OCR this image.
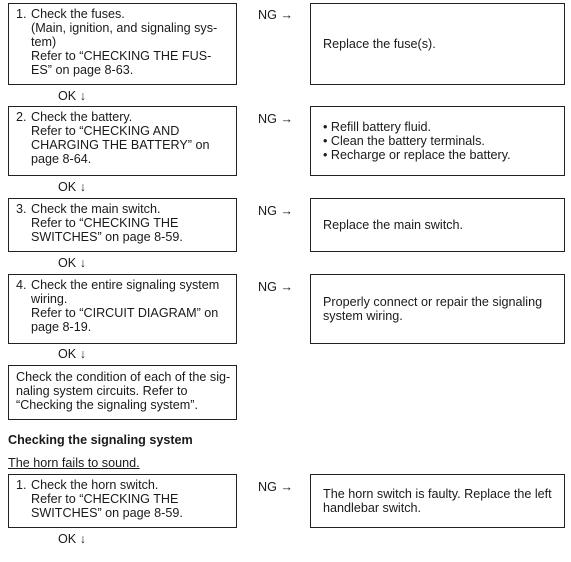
1. Check the fuses.
(Main, ignition, and signaling sys-
tem)
Refer to “CHECKING THE FUS-
ES” on page 8-63.
NG →
Replace the fuse(s).
OK ↓
2. Check the battery.
Refer to “CHECKING AND
CHARGING THE BATTERY” on
page 8-64.
NG →
• Refill battery fluid.
• Clean the battery terminals.
• Recharge or replace the battery.
OK ↓
3. Check the main switch.
Refer to “CHECKING THE
SWITCHES” on page 8-59.
NG →
Replace the main switch.
OK ↓
4. Check the entire signaling system
wiring.
Refer to “CIRCUIT DIAGRAM” on
page 8-19.
NG →
Properly connect or repair the signaling
system wiring.
OK ↓
Check the condition of each of the sig-
naling system circuits. Refer to
“Checking the signaling system”.
Checking the signaling system
The horn fails to sound.
1. Check the horn switch.
Refer to “CHECKING THE
SWITCHES” on page 8-59.
NG → The horn switch is faulty. Replace the left
handlebar switch.
OK ↓
